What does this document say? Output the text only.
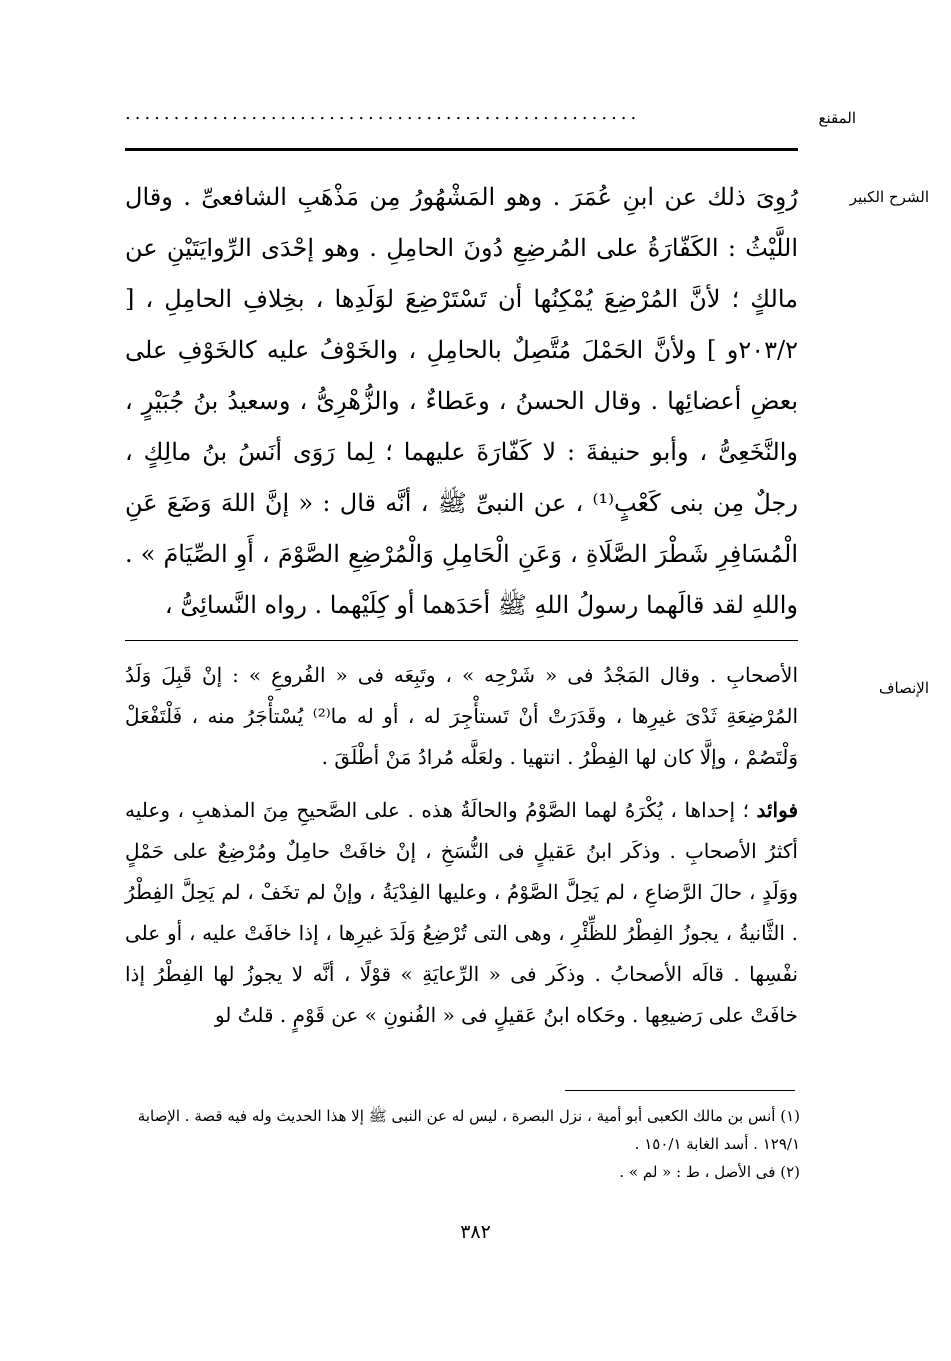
المقنع
.....................................................
الشرح الكبير
رُوِىَ ذلك عن ابنِ عُمَرَ . وهو المَشْهُورُ مِن مَذْهَبِ الشافعىِّ . وقال اللَّيْثُ : الكَفّارَةُ على المُرضِعِ دُونَ الحامِلِ . وهو إحْدَى الرِّوايَتَيْنِ عن مالكٍ ؛ لأنَّ المُرْضِعَ يُمْكِنُها أن تَسْتَرْضِعَ لوَلَدِها ، بخِلافِ الحامِلِ ، [ ٢٠٣/٢و ] ولأنَّ الحَمْلَ مُتَّصِلٌ بالحامِلِ ، والخَوْفُ عليه كالخَوْفِ على بعضِ أعضائِها . وقال الحسنُ ، وعَطاءٌ ، والزُّهْرِىُّ ، وسعيدُ بنُ جُبَيْرٍ ، والنَّخَعِىُّ ، وأبو حنيفةَ : لا كَفّارَةَ عليهما ؛ لِما رَوَى أنَسُ بنُ مالِكٍ ، رجلٌ مِن بنى كَعْبٍ⁽¹⁾ ، عن النبىِّ ﷺ ، أنَّه قال : « إنَّ اللهَ وَضَعَ عَنِ الْمُسَافِرِ شَطْرَ الصَّلَاةِ ، وَعَنِ الْحَامِلِ وَالْمُرْضِعِ الصَّوْمَ ، أَوِ الصِّيَامَ » . واللهِ لقد قالَهما رسولُ اللهِ ﷺ أحَدَهما أو كِلَيْهما . رواه النَّسائِىُّ ،
الإنصاف

الأصحابِ . وقال المَجْدُ فى « شَرْحِه » ، وتَبِعَه فى « الفُروعِ » : إنْ قَبِلَ وَلَدُ المُرْضِعَةِ ثَدْىَ غيرِها ، وقَدَرَتْ أنْ تَستأْجِرَ له ، أو له ما⁽²⁾ يُسْتأْجَرُ منه ، فَلْتَفْعَلْ وَلْتَصُمْ ، وإلَّا كان لها الفِطْرُ . انتهيا . ولعَلَّه مُرادُ مَنْ أطْلَقَ .

فوائد ؛ إحداها ، يُكْرَهُ لهما الصَّوْمُ والحالَةُ هذه . على الصَّحيحِ مِنَ المذهبِ ، وعليه أكثرُ الأصحابِ . وذكَر ابنُ عَقيلٍ فى النُّسَخِ ، إنْ خافَتْ حامِلٌ ومُرْضِعٌ على حَمْلٍ ووَلَدٍ ، حالَ الرَّضاعِ ، لم يَحِلَّ الصَّوْمُ ، وعليها الفِدْيَةُ ، وإنْ لم تخَفْ ، لم يَحِلَّ الفِطْرُ . الثَّانيةُ ، يجوزُ الفِطْرُ للظِّئْرِ ، وهى التى تُرْضِعُ وَلَدَ غيرِها ، إذا خافَتْ عليه ، أو على نفْسِها . قالَه الأصحابُ . وذكَر فى « الرِّعايَةِ » قوْلًا ، أنَّه لا يجوزُ لها الفِطْرُ إذا خافَتْ على رَضيعِها . وحَكاه ابنُ عَقيلٍ فى « الفُنونِ » عن قَوْمٍ . قلتُ لو

(١) أنس بن مالك الكعبى أبو أمية ، نزل البصرة ، ليس له عن النبى ﷺ إلا هذا الحديث وله فيه قصة . الإصابة ١٢٩/١ . أسد الغابة ١٥٠/١ .

(٢) فى الأصل ، ط : « لم » .

٣٨٢
